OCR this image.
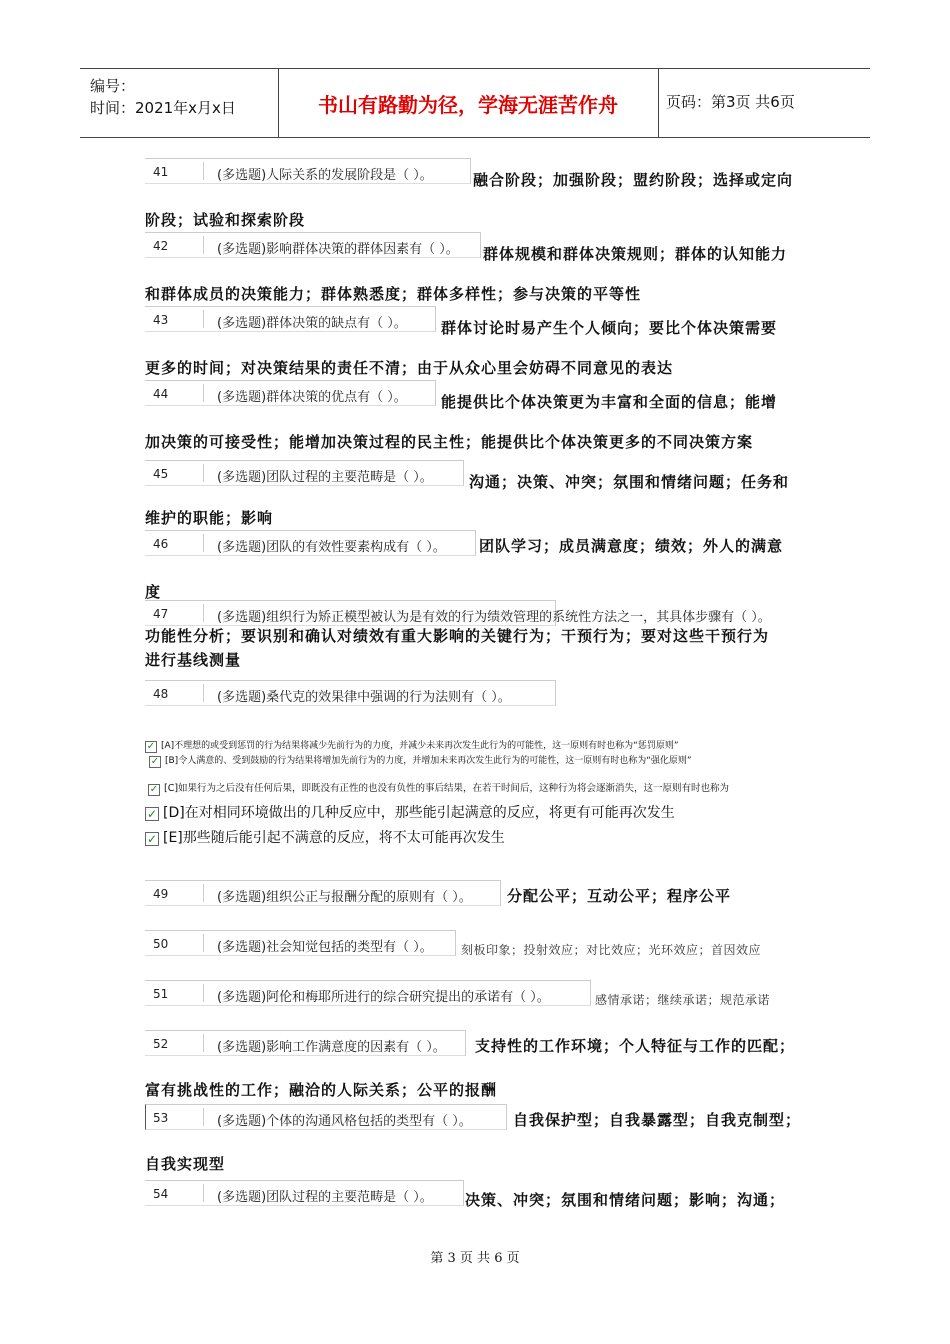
编号：
时间：2021年x月x日	书山有路勤为径，学海无涯苦作舟	页码：第3页 共6页
41	(多选题)人际关系的发展阶段是（ ）。	融合阶段；加强阶段；盟约阶段；选择或定向
阶段；试验和探索阶段
42	(多选题)影响群体决策的群体因素有（ ）。 群体规模和群体决策规则；群体的认知能力
和群体成员的决策能力；群体熟悉度；群体多样性；参与决策的平等性
43	(多选题)群体决策的缺点有（ ）。 群体讨论时易产生个人倾向；要比个体决策需要
更多的时间；对决策结果的责任不清；由于从众心里会妨碍不同意见的表达
44	(多选题)群体决策的优点有（ ）。 能提供比个体决策更为丰富和全面的信息；能增
加决策的可接受性；能增加决策过程的民主性；能提供比个体决策更多的不同决策方案
45	(多选题)团队过程的主要范畴是（ ）。 沟通；决策、冲突；氛围和情绪问题；任务和
维护的职能；影响
46	(多选题)团队的有效性要素构成有（ ）。 团队学习；成员满意度；绩效；外人的满意
度
47	(多选题)组织行为矫正模型被认为是有效的行为绩效管理的系统性方法之一，其具体步骤有（ ）。
功能性分析；要识别和确认对绩效有重大影响的关键行为；干预行为；要对这些干预行为
进行基线测量
48	(多选题)桑代克的效果律中强调的行为法则有（ ）。
✓ [A]不理想的或受到惩罚的行为结果将减少先前行为的力度，并减少未来再次发生此行为的可能性，这一原则有时也称为“惩罚原则”
✓ [B]令人满意的、受到鼓励的行为结果将增加先前行为的力度，并增加未来再次发生此行为的可能性，这一原则有时也称为“强化原则”
✓ [C]如果行为之后没有任何后果，即既没有正性的也没有负性的事后结果，在若干时间后，这种行为将会逐渐消失，这一原则有时也称为
✓ [D]在对相同环境做出的几种反应中，那些能引起满意的反应，将更有可能再次发生
✓ [E]那些随后能引起不满意的反应，将不太可能再次发生
49	(多选题)组织公正与报酬分配的原则有（ ）。 分配公平；互动公平；程序公平
50	(多选题)社会知觉包括的类型有（ ）。 刻板印象；投射效应；对比效应；光环效应；首因效应
51	(多选题)阿伦和梅耶所进行的综合研究提出的承诺有（ ）。	感情承诺；继续承诺；规范承诺
52	(多选题)影响工作满意度的因素有（ ）。 支持性的工作环境；个人特征与工作的匹配；
富有挑战性的工作；融洽的人际关系；公平的报酬
53	(多选题)个体的沟通风格包括的类型有（ ）。	自我保护型；自我暴露型；自我克制型；
自我实现型
54	(多选题)团队过程的主要范畴是（ ）。 决策、冲突；氛围和情绪问题；影响；沟通；
第 3 页 共 6 页
